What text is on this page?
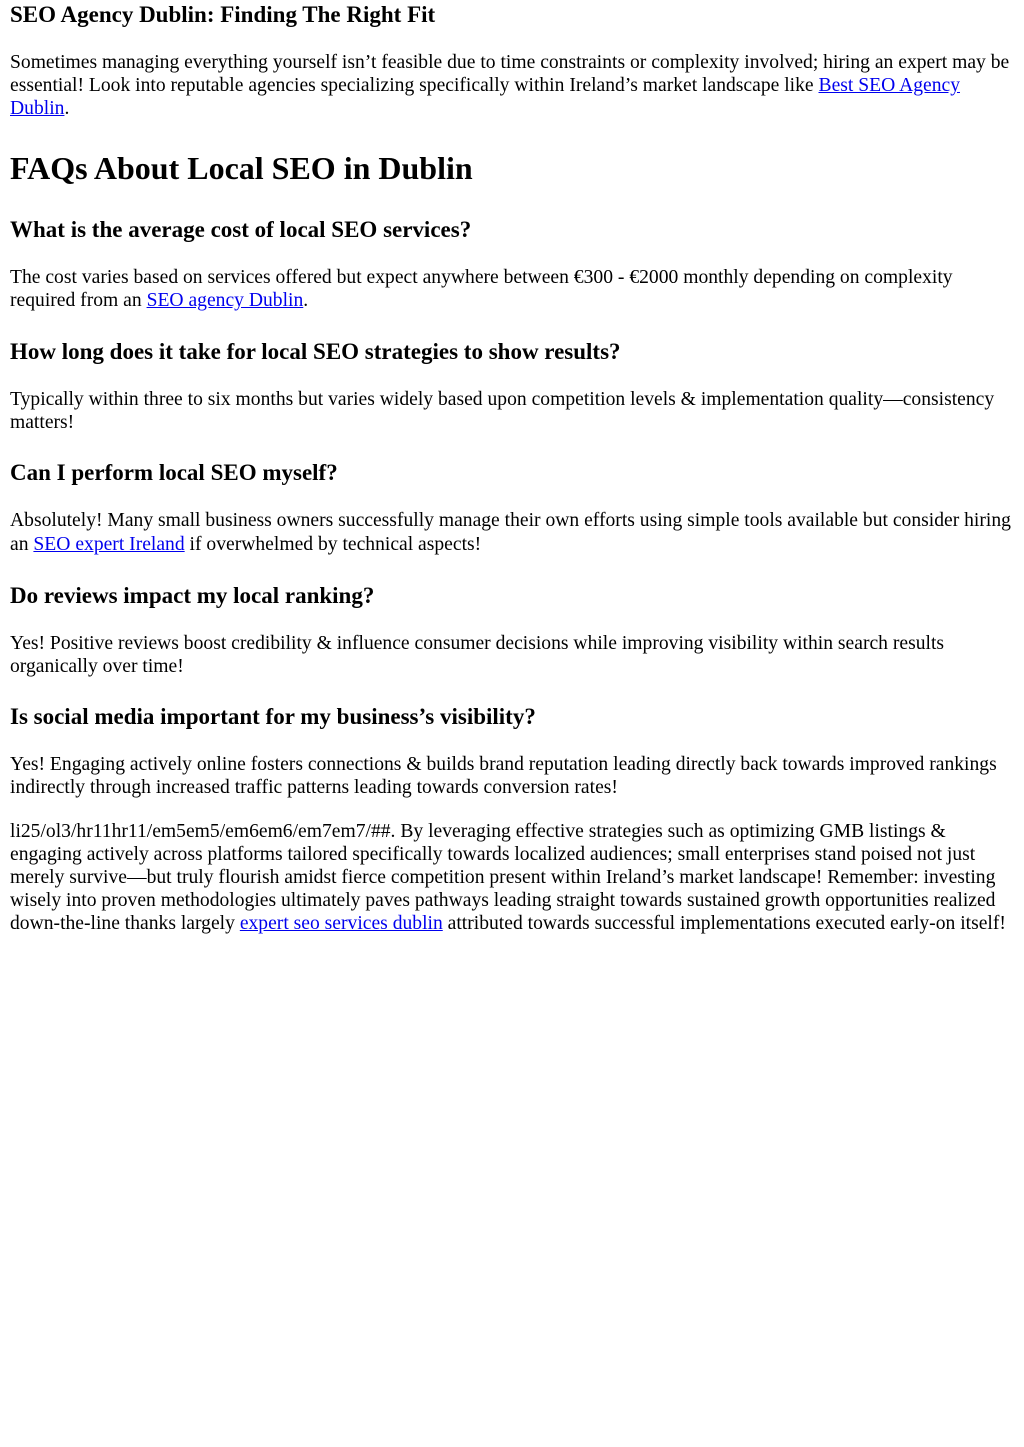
SEO Agency Dublin: Finding The Right Fit

Sometimes managing everything yourself isn’t feasible due to time constraints or complexity involved; hiring an expert may be essential! Look into reputable agencies specializing specifically within Ireland’s market landscape like Best SEO Agency Dublin.

FAQs About Local SEO in Dublin
What is the average cost of local SEO services?

The cost varies based on services offered but expect anywhere between €300 - €2000 monthly depending on complexity required from an SEO agency Dublin.

How long does it take for local SEO strategies to show results?

Typically within three to six months but varies widely based upon competition levels & implementation quality—consistency matters!

Can I perform local SEO myself?

Absolutely! Many small business owners successfully manage their own efforts using simple tools available but consider hiring an SEO expert Ireland if overwhelmed by technical aspects!

Do reviews impact my local ranking?

Yes! Positive reviews boost credibility & influence consumer decisions while improving visibility within search results organically over time!

Is social media important for my business’s visibility?

Yes! Engaging actively online fosters connections & builds brand reputation leading directly back towards improved rankings indirectly through increased traffic patterns leading towards conversion rates!

li25/ol3/hr11hr11/em5em5/em6em6/em7em7/##. By leveraging effective strategies such as optimizing GMB listings & engaging actively across platforms tailored specifically towards localized audiences; small enterprises stand poised not just merely survive—but truly flourish amidst fierce competition present within Ireland’s market landscape! Remember: investing wisely into proven methodologies ultimately paves pathways leading straight towards sustained growth opportunities realized down-the-line thanks largely expert seo services dublin attributed towards successful implementations executed early-on itself!
